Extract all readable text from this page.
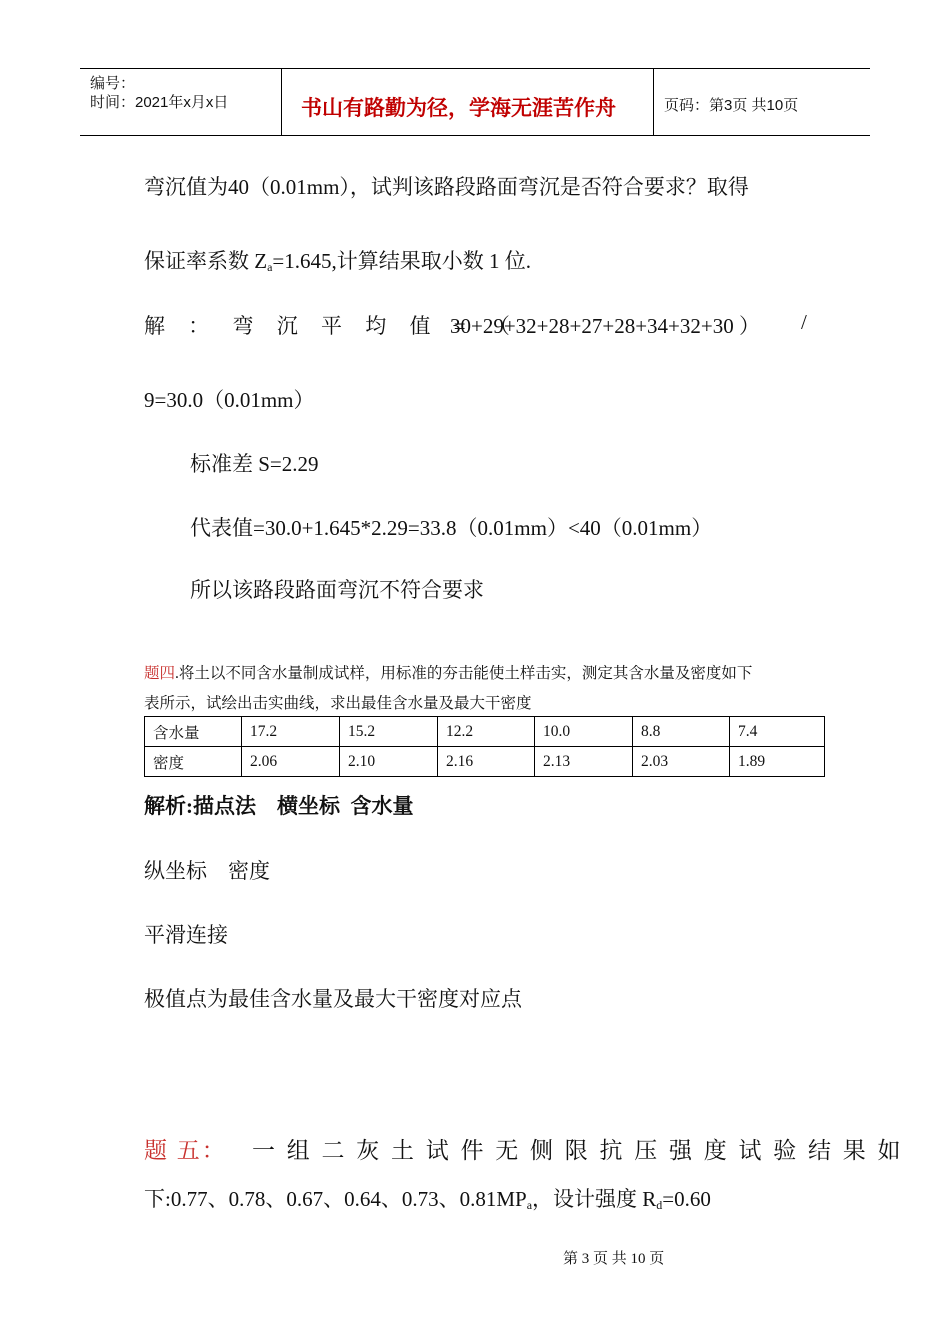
编号：
时间：2021年x月x日	书山有路勤为径，学海无涯苦作舟	页码：第3页 共10页
弯沉值为40（0.01mm），试判该路段路面弯沉是否符合要求？取得
保证率系数 $Z_a=1.645$,计算结果取小数 1 位.
解 ： 弯 沉 平 均 值 = （
30+29+32+28+27+28+34+32+30 ） /
9=30.0（0.01mm）
标准差 S=2.29
代表值=30.0+1.645*2.29=33.8（0.01mm）<40（0.01mm）
所以该路段路面弯沉不符合要求
题四.将土以不同含水量制成试样，用标准的夯击能使土样击实，测定其含水量及密度如下
表所示，试绘出击实曲线，求出最佳含水量及最大干密度
含水量	17.2	15.2	12.2	10.0	8.8	7.4
密度	2.06	2.10	2.16	2.13	2.03	1.89
解析:描点法    横坐标  含水量
纵坐标    密度
平滑连接
极值点为最佳含水量及最大干密度对应点
题 五： 一 组 二 灰 土 试 件 无 侧 限 抗 压 强 度 试 验 结 果 如
下:0.77、0.78、0.67、0.64、0.73、$0.81MP_a$，设计强度 $R_d=0.60$
第 3 页 共 10 页
